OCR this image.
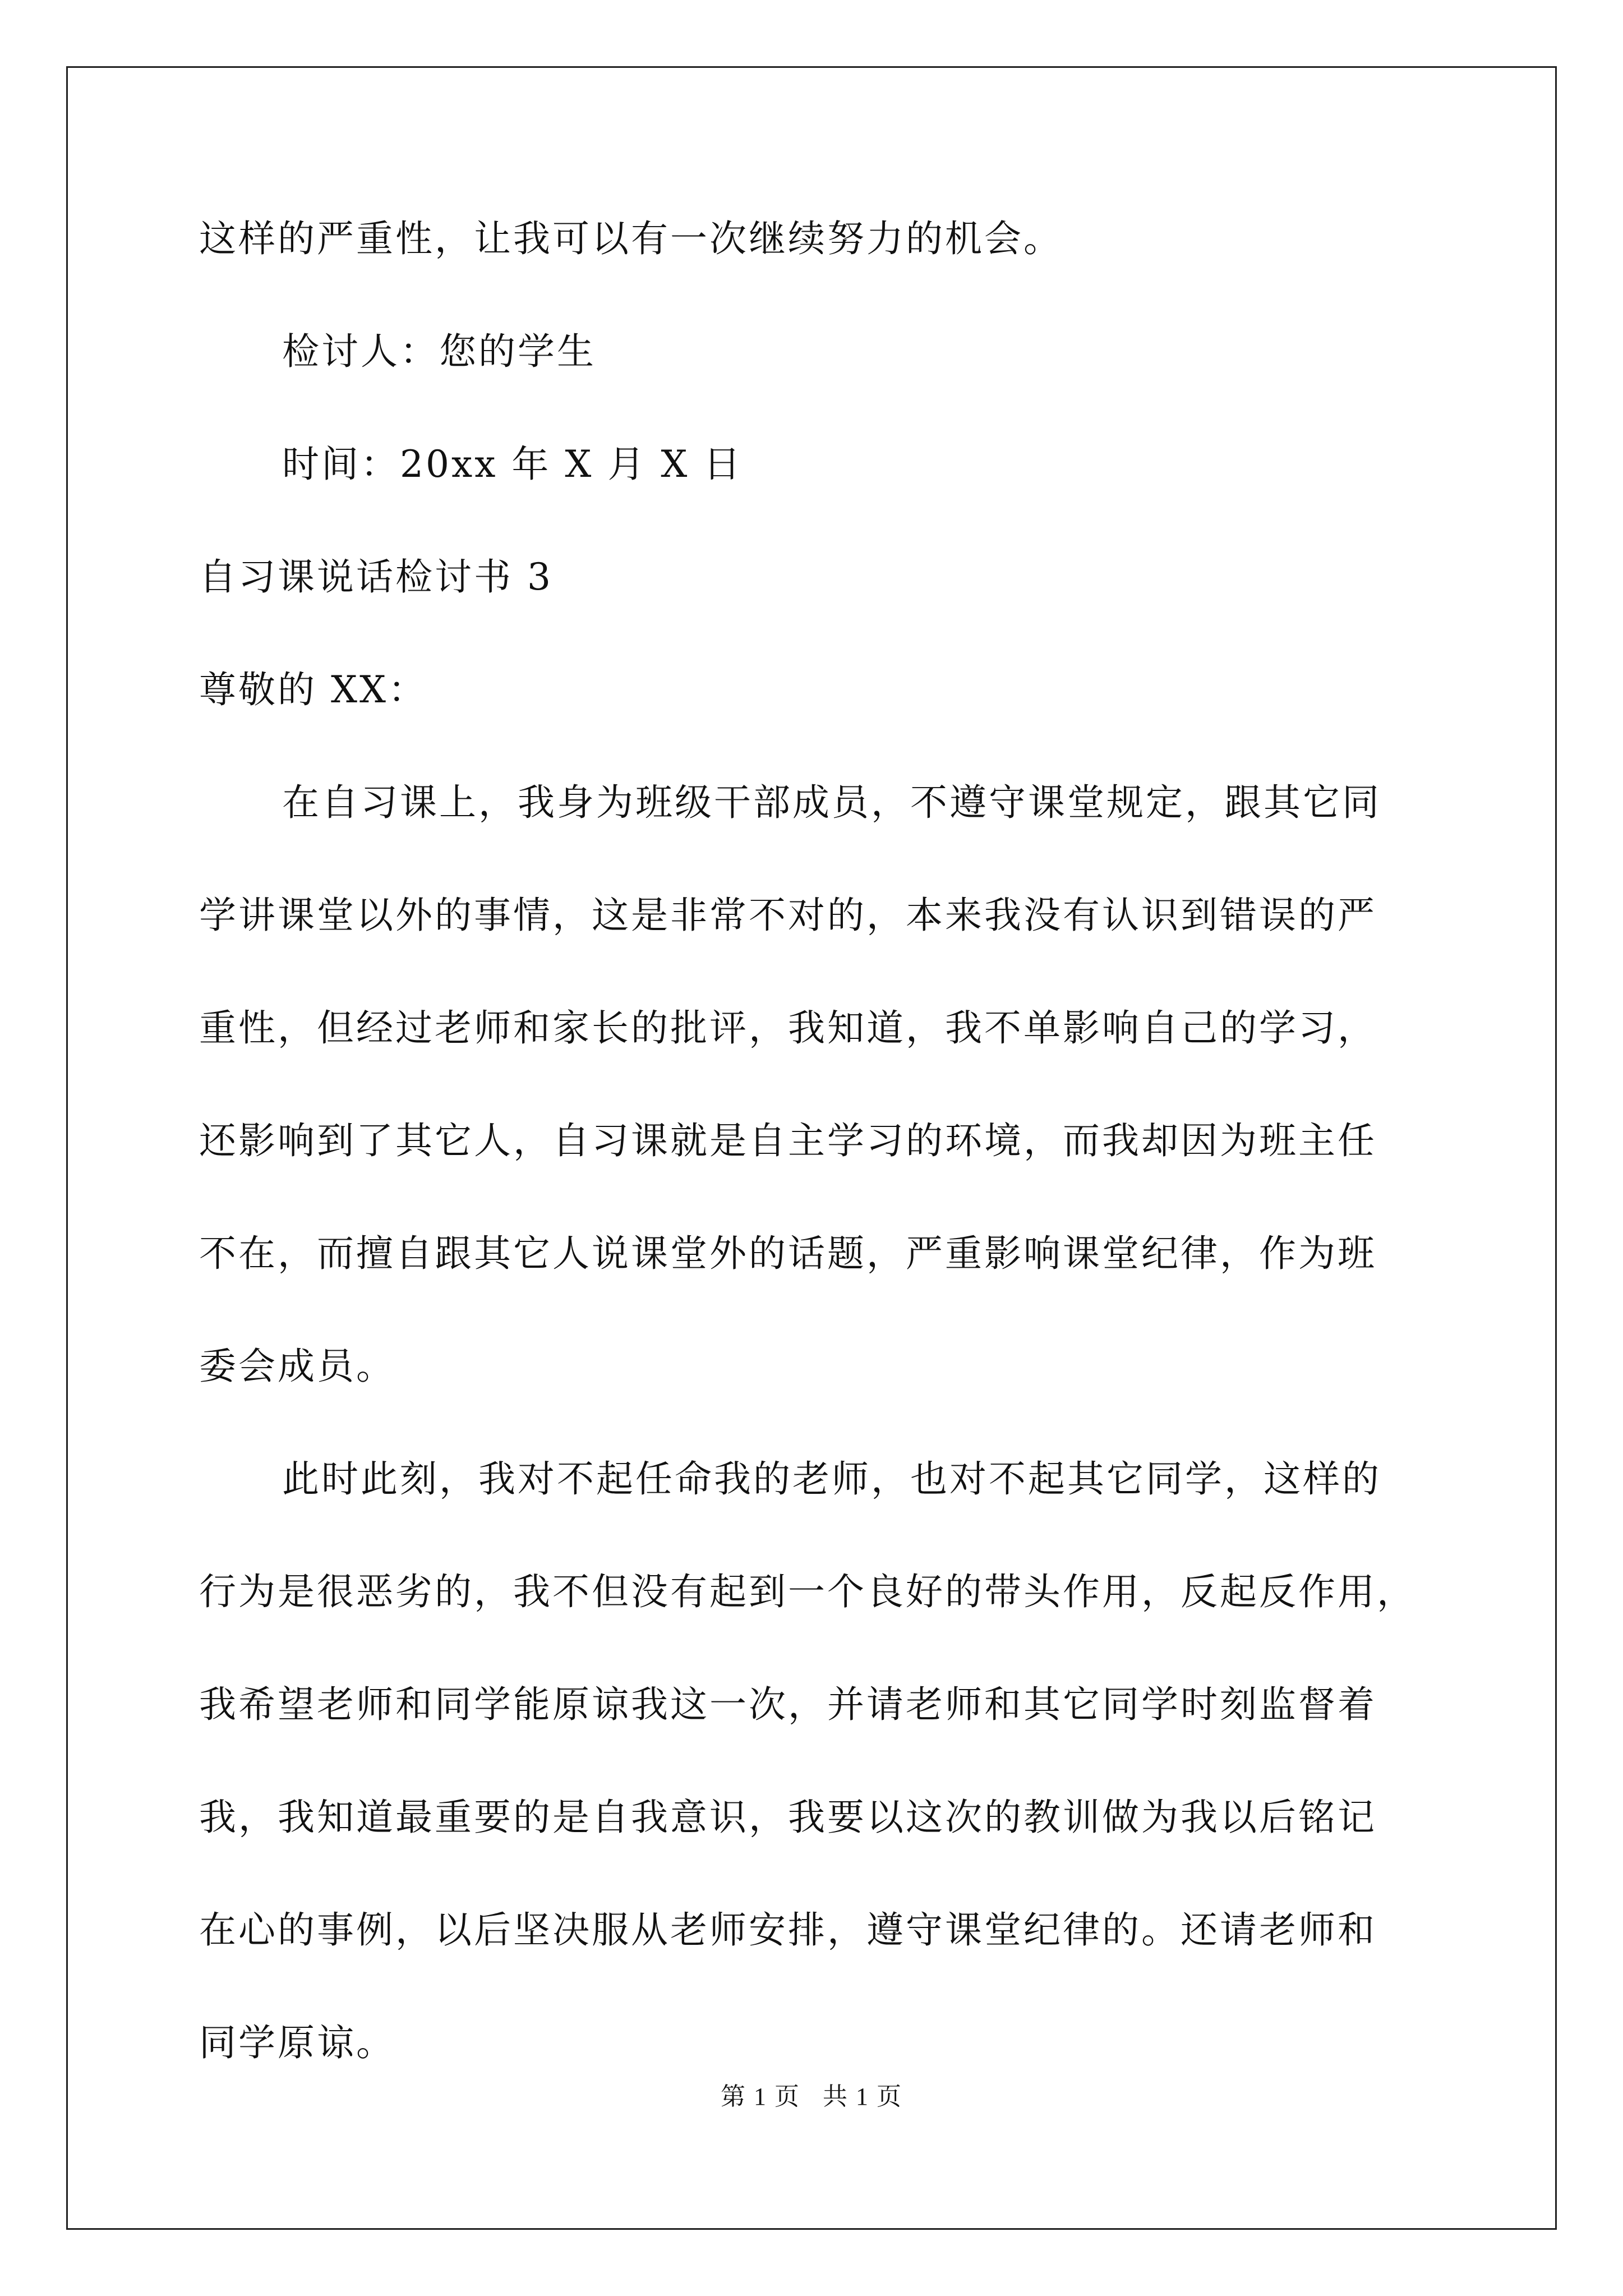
这样的严重性，让我可以有一次继续努力的机会。
检讨人：您的学生
时间：20xx 年 X 月 X 日
自习课说话检讨书 3
尊敬的 XX：
在自习课上，我身为班级干部成员，不遵守课堂规定，跟其它同
学讲课堂以外的事情，这是非常不对的，本来我没有认识到错误的严
重性，但经过老师和家长的批评，我知道，我不单影响自己的学习，
还影响到了其它人，自习课就是自主学习的环境，而我却因为班主任
不在，而擅自跟其它人说课堂外的话题，严重影响课堂纪律，作为班
委会成员。
此时此刻，我对不起任命我的老师，也对不起其它同学，这样的
行为是很恶劣的，我不但没有起到一个良好的带头作用，反起反作用，
我希望老师和同学能原谅我这一次，并请老师和其它同学时刻监督着
我，我知道最重要的是自我意识，我要以这次的教训做为我以后铭记
在心的事例，以后坚决服从老师安排，遵守课堂纪律的。还请老师和
同学原谅。
第 1 页 共 1 页
